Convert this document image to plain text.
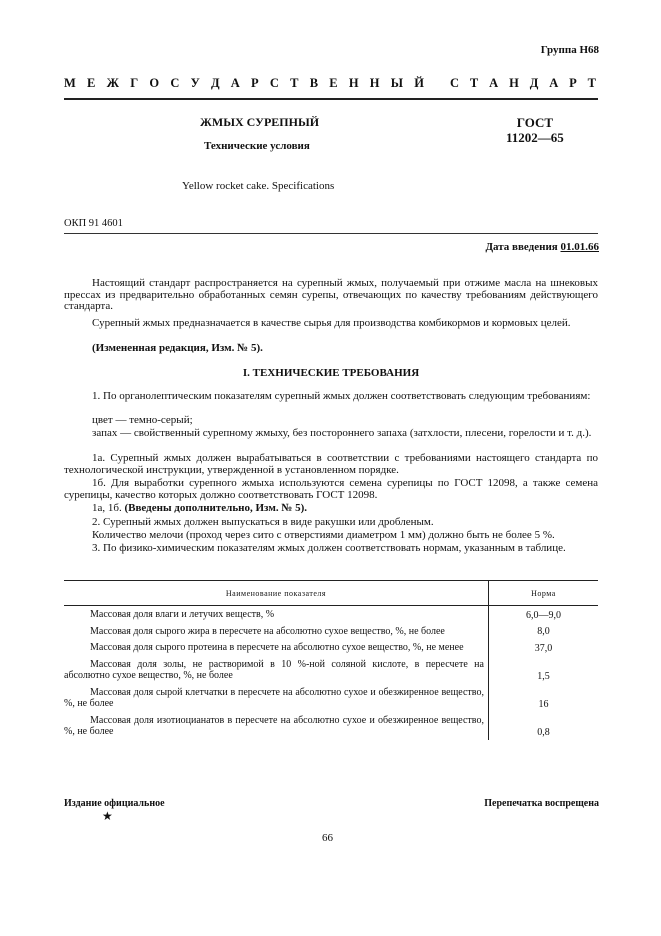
Группа Н68
М Е Ж Г О С У Д А Р С Т В Е Н Н Ы Й С Т А Н Д А Р Т
ЖМЫХ СУРЕПНЫЙ
Технические условия
ГОСТ
11202—65
Yellow rocket cake. Specifications
ОКП 91 4601
Дата введения 01.01.66

Настоящий стандарт распространяется на сурепный жмых, получаемый при отжиме масла на шнековых прессах из предварительно обработанных семян сурепы, отвечающих по качеству требованиям действующего стандарта.

Сурепный жмых предназначается в качестве сырья для производства комбикормов и кормовых целей.

(Измененная редакция, Изм. № 5).

I. ТЕХНИЧЕСКИЕ ТРЕБОВАНИЯ

1. По органолептическим показателям сурепный жмых должен соответствовать следующим требованиям:

цвет — темно-серый;

запах — свойственный сурепному жмыху, без постороннего запаха (затхлости, плесени, горелости и т. д.).

1а. Сурепный жмых должен вырабатываться в соответствии с требованиями настоящего стандарта по технологической инструкции, утвержденной в установленном порядке.

1б. Для выработки сурепного жмыха используются семена сурепицы по ГОСТ 12098, а также семена сурепицы, качество которых должно соответствовать ГОСТ 12098.

1а, 1б. (Введены дополнительно, Изм. № 5).

2. Сурепный жмых должен выпускаться в виде ракушки или дробленым.

Количество мелочи (проход через сито с отверстиями диаметром 1 мм) должно быть не более 5 %.

3. По физико-химическим показателям жмых должен соответствовать нормам, указанным в таблице.

Наименование показателя	Норма
Массовая доля влаги и летучих веществ, %	6,0—9,0
Массовая доля сырого жира в пересчете на абсолютно сухое вещество, %, не более	8,0
Массовая доля сырого протеина в пересчете на абсолютно сухое вещество, %, не менее	37,0
Массовая доля золы, не растворимой в 10 %-ной соляной кислоте, в пересчете на абсолютно сухое вещество, %, не более	1,5
Массовая доля сырой клетчатки в пересчете на абсолютно сухое и обезжиренное вещество, %, не более	16
Массовая доля изотиоцианатов в пересчете на абсолютно сухое и обезжиренное вещество, %, не более	0,8
Издание официальное
★
Перепечатка воспрещена
66
